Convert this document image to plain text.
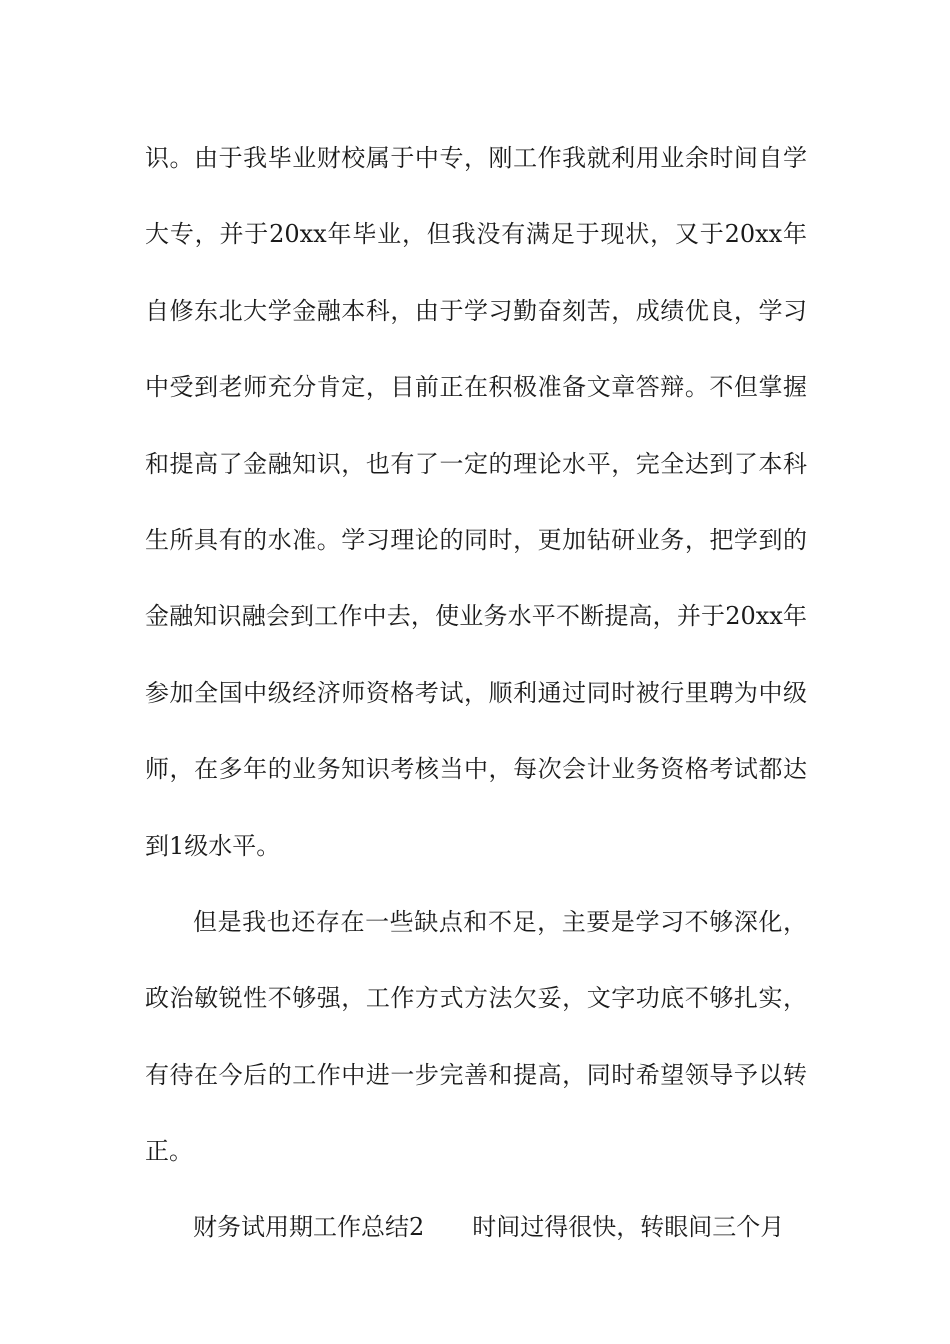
识。由于我毕业财校属于中专，刚工作我就利用业余时间自学
大专，并于20xx年毕业，但我没有满足于现状，又于20xx年
自修东北大学金融本科，由于学习勤奋刻苦，成绩优良，学习
中受到老师充分肯定，目前正在积极准备文章答辩。不但掌握
和提高了金融知识，也有了一定的理论水平，完全达到了本科
生所具有的水准。学习理论的同时，更加钻研业务，把学到的
金融知识融会到工作中去，使业务水平不断提高，并于20xx年
参加全国中级经济师资格考试，顺利通过同时被行里聘为中级
师，在多年的业务知识考核当中，每次会计业务资格考试都达
到1级水平。
但是我也还存在一些缺点和不足，主要是学习不够深化，
政治敏锐性不够强，工作方式方法欠妥，文字功底不够扎实，
有待在今后的工作中进一步完善和提高，同时希望领导予以转
正。
财务试用期工作总结2 时间过得很快，转眼间三个月
